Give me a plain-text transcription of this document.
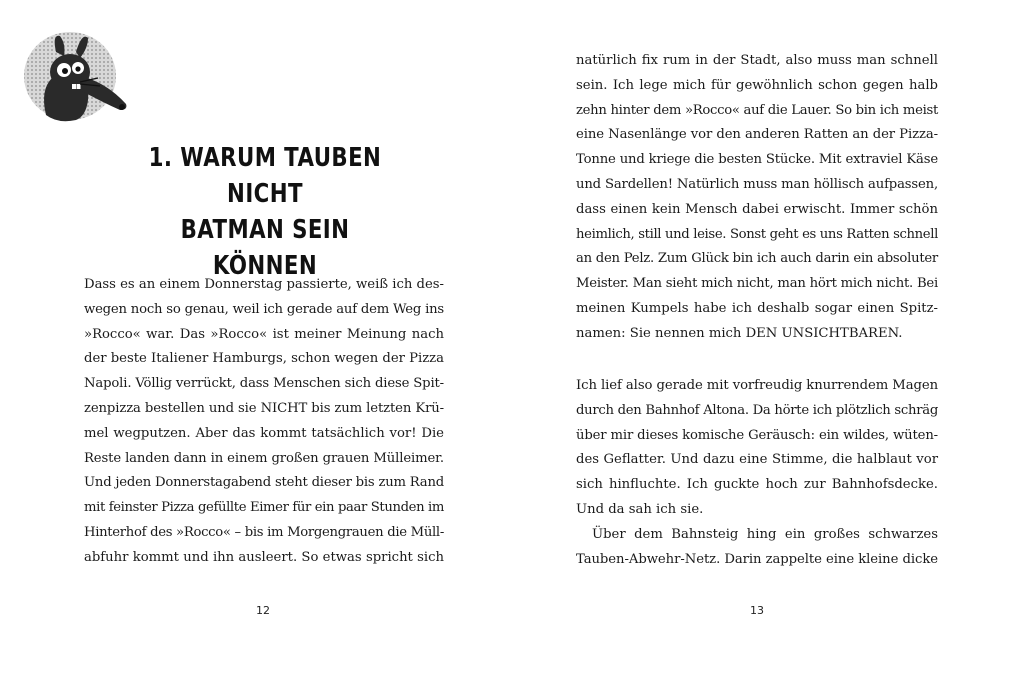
1. WARUM TAUBEN NICHT
BATMAN SEIN KÖNNEN
Dass es an einem Donnerstag passierte, weiß ich des-
wegen noch so genau, weil ich gerade auf dem Weg ins
»Rocco« war. Das »Rocco« ist meiner Meinung nach
der beste Italiener Hamburgs, schon wegen der Pizza
Napoli. Völlig verrückt, dass Menschen sich diese Spit-
zenpizza bestellen und sie NICHT bis zum letzten Krü-
mel wegputzen. Aber das kommt tatsächlich vor! Die
Reste landen dann in einem großen grauen Mülleimer.
Und jeden Donnerstagabend steht dieser bis zum Rand
mit feinster Pizza gefüllte Eimer für ein paar Stunden im
Hinterhof des »Rocco« – bis im Morgengrauen die Müll-
abfuhr kommt und ihn ausleert. So etwas spricht sich
12
natürlich fix rum in der Stadt, also muss man schnell
sein. Ich lege mich für gewöhnlich schon gegen halb
zehn hinter dem »Rocco« auf die Lauer. So bin ich meist
eine Nasenlänge vor den anderen Ratten an der Pizza-
Tonne und kriege die besten Stücke. Mit extraviel Käse
und Sardellen! Natürlich muss man höllisch aufpassen,
dass einen kein Mensch dabei erwischt. Immer schön
heimlich, still und leise. Sonst geht es uns Ratten schnell
an den Pelz. Zum Glück bin ich auch darin ein absoluter
Meister. Man sieht mich nicht, man hört mich nicht. Bei
meinen Kumpels habe ich deshalb sogar einen Spitz-
namen: Sie nennen mich DEN UNSICHTBAREN.
Ich lief also gerade mit vorfreudig knurrendem Magen
durch den Bahnhof Altona. Da hörte ich plötzlich schräg
über mir dieses komische Geräusch: ein wildes, wüten-
des Geflatter. Und dazu eine Stimme, die halblaut vor
sich hinfluchte. Ich guckte hoch zur Bahnhofsdecke.
Und da sah ich sie.
Über dem Bahnsteig hing ein großes schwarzes
Tauben-Abwehr-Netz. Darin zappelte eine kleine dicke
13
